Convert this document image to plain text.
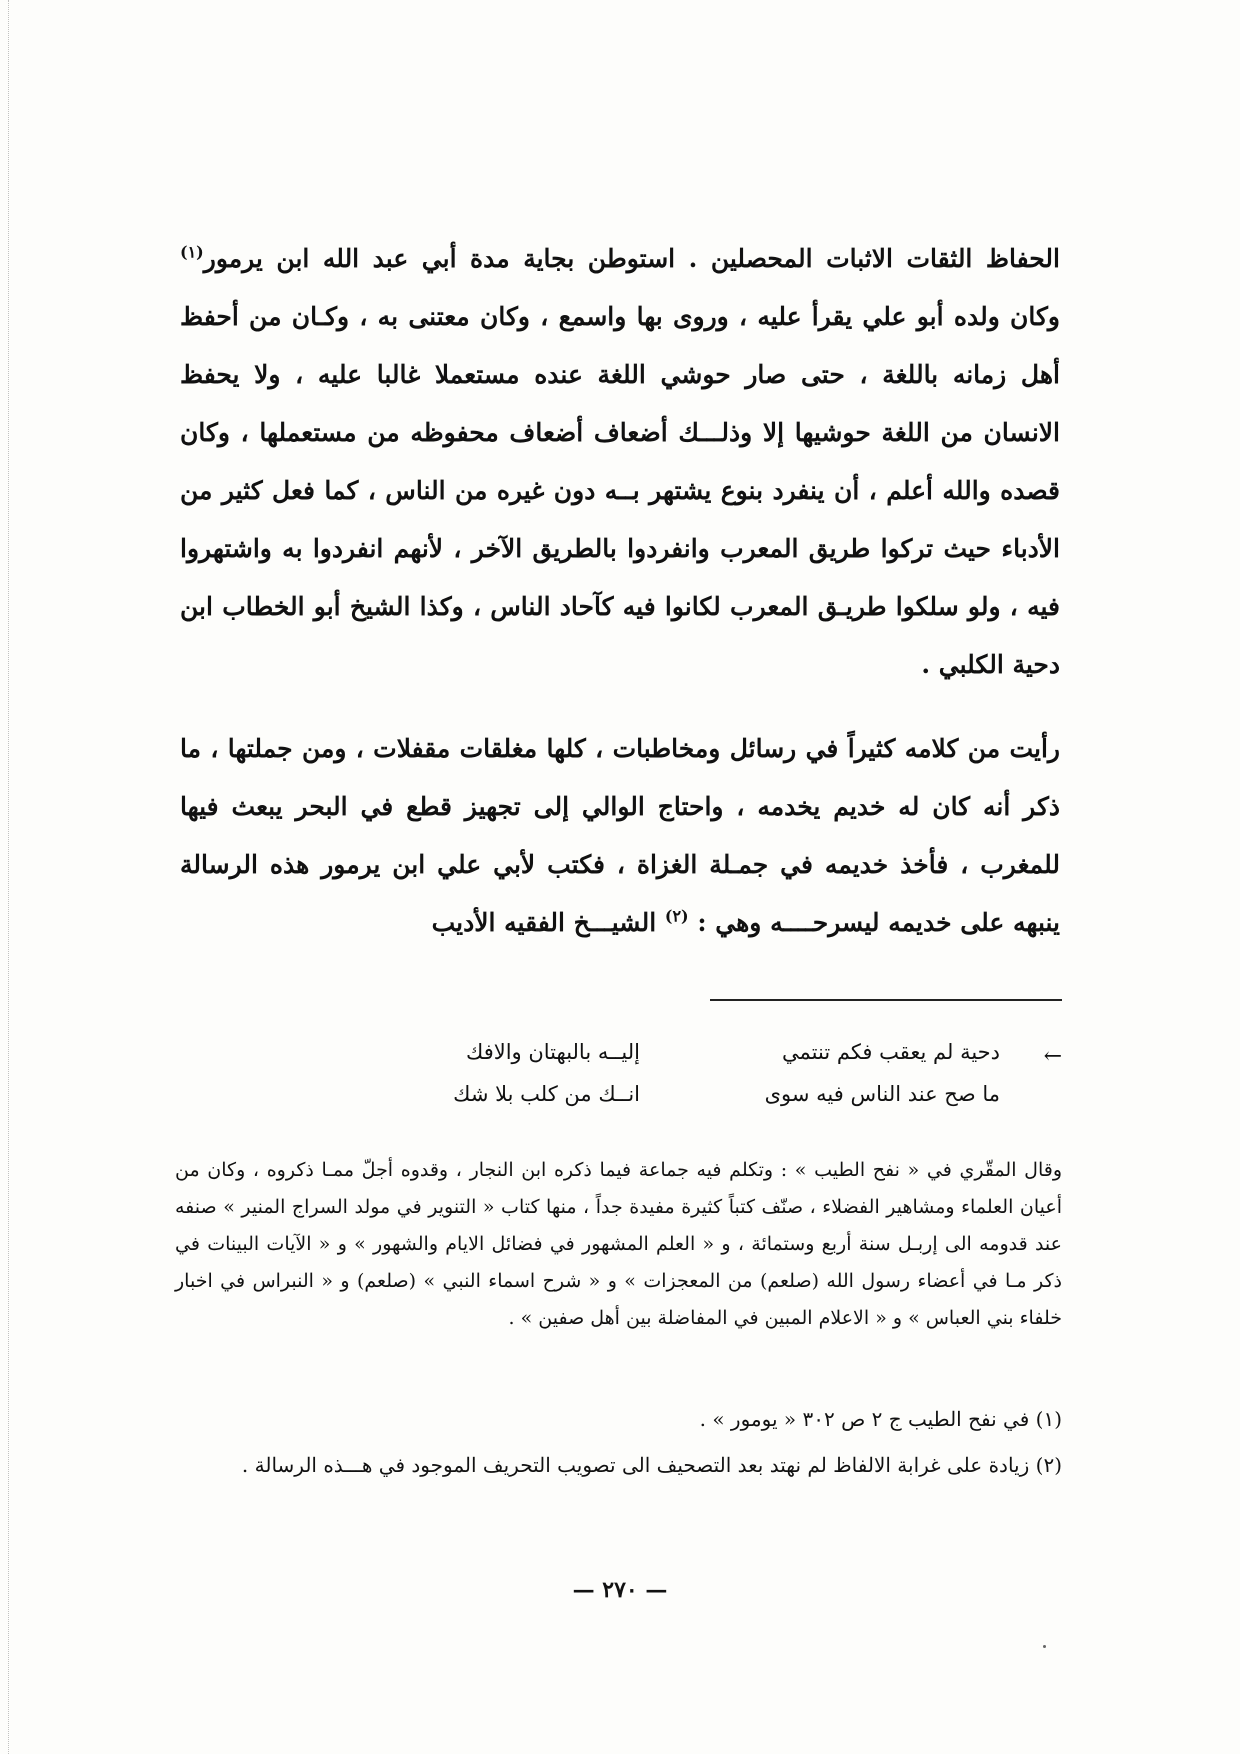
الحفاظ الثقات الاثبات المحصلين . استوطن بجاية مدة أبي عبد الله ابن يرمور$^{(١)}$ وكان ولده أبو علي يقرأ عليه ، وروى بها واسمع ، وكان معتنى به ، وكـان من أحفظ أهل زمانه باللغة ، حتى صار حوشي اللغة عنده مستعملا غالبا عليه ، ولا يحفظ الانسان من اللغة حوشيها إلا وذلـــك أضعاف أضعاف محفوظه من مستعملها ، وكان قصده والله أعلم ، أن ينفرد بنوع يشتهر بــه دون غيره من الناس ، كما فعل كثير من الأدباء حيث تركوا طريق المعرب وانفردوا بالطريق الآخر ، لأنهم انفردوا به واشتهروا فيه ، ولو سلكوا طريـق المعرب لكانوا فيه كآحاد الناس ، وكذا الشيخ أبو الخطاب ابن دحية الكلبي .

رأيت من كلامه كثيراً في رسائل ومخاطبات ، كلها مغلقات مقفلات ، ومن جملتها ، ما ذكر أنه كان له خديم يخدمه ، واحتاج الوالي إلى تجهيز قطع في البحر يبعث فيها للمغرب ، فأخذ خديمه في جمـلة الغزاة ، فكتب لأبي علي ابن يرمور هذه الرسالة ينبهه على خديمه ليسرحــــه وهي : $^{(٢)}$ الشيـــخ الفقيه الأديب

←
دحية لم يعقب فكم تنتمي
إليــه بالبهتان والافك
ما صح عند الناس فيه سوى
انــك من كلب بلا شك
وقال المقّري في « نفح الطيب » : وتكلم فيه جماعة فيما ذكره ابن النجار ، وقدوه أجلّ ممـا ذكروه ، وكان من أعيان العلماء ومشاهير الفضلاء ، صنّف كتباً كثيرة مفيدة جداً ، منها كتاب « التنوير في مولد السراج المنير » صنفه عند قدومه الى إربـل سنة أربع وستمائة ، و « العلم المشهور في فضائل الايام والشهور » و « الآيات البينات في ذكر مـا في أعضاء رسول الله (صلعم) من المعجزات » و « شرح اسماء النبي » (صلعم) و « النبراس في اخبار خلفاء بني العباس » و « الاعلام المبين في المفاضلة بين أهل صفين » .
(١) في نفح الطيب ج ٢ ص ٣٠٢ « يومور » .
(٢) زيادة على غرابة الالفاظ لم نهتد بعد التصحيف الى تصويب التحريف الموجود في هـــذه الرسالة .
— ٢٧٠ —
